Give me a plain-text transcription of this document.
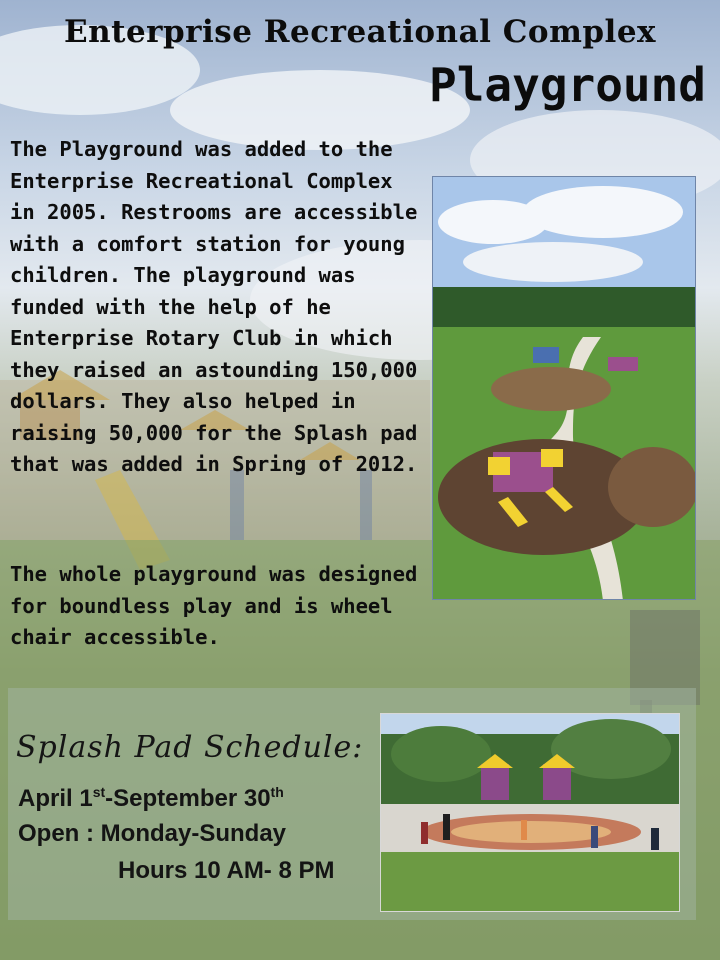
Enterprise Recreational Complex
Playground

The Playground was added to the Enterprise Recreational Complex in 2005. Restrooms are accessible with a comfort station for young children. The playground was funded with the help of he Enterprise Rotary Club in which they raised an astounding 150,000 dollars. They also helped in raising 50,000 for the Splash pad that was added in Spring of 2012.

The whole playground was designed for boundless play and is wheel chair accessible.

Splash Pad Schedule:
April 1st-September 30th
Open : Monday-Sunday
Hours 10 AM- 8 PM
